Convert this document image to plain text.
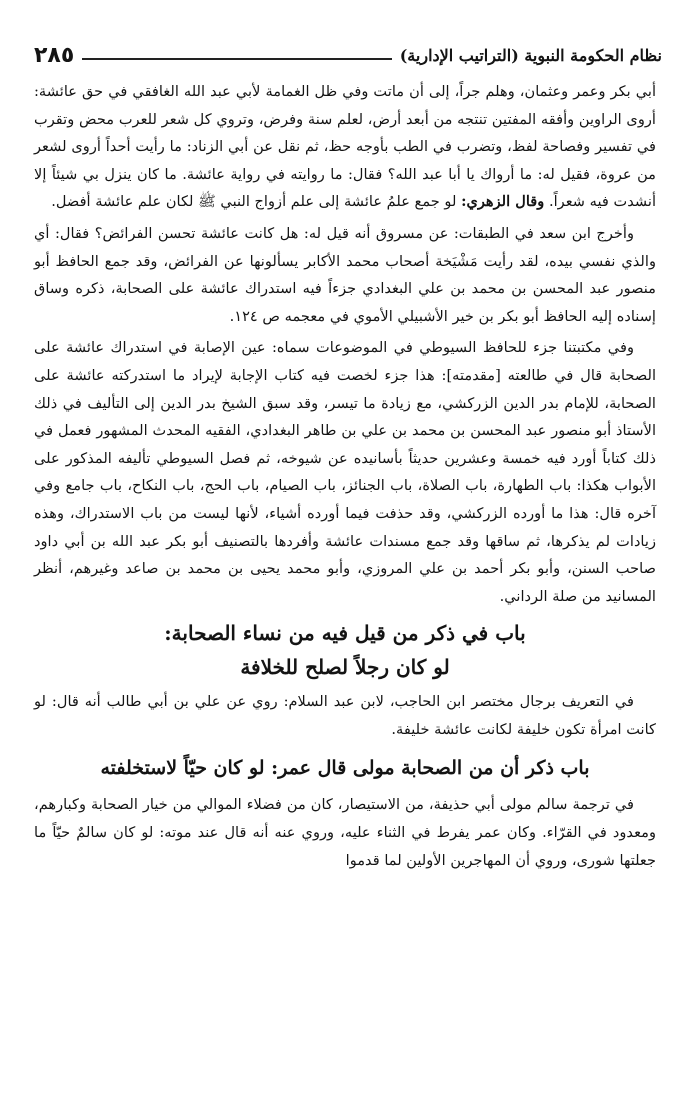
نظام الحكومة النبوية (التراتيب الإدارية)
٢٨٥

أبي بكر وعمر وعثمان، وهلم جراً، إلى أن ماتت وفي ظل الغمامة لأبي عبد الله الغافقي في حق عائشة: أروى الراوين وأفقه المفتين تنتجه من أبعد أرض، لعلم سنة وفرض، وتروي كل شعر للعرب محض وتقرب في تفسير وفصاحة لفظ، وتضرب في الطب بأوجه حظ، ثم نقل عن أبي الزناد: ما رأيت أحداً أروى لشعر من عروة، فقيل له: ما أرواك يا أبا عبد الله؟ فقال: ما روايته في رواية عائشة. ما كان ينزل بي شيئاً إلا أنشدت فيه شعراً. وقال الزهري: لو جمع علمُ عائشة إلى علم أزواج النبي ﷺ لكان علم عائشة أفضل.

وأخرج ابن سعد في الطبقات: عن مسروق أنه قيل له: هل كانت عائشة تحسن الفرائض؟ فقال: أي والذي نفسي بيده، لقد رأيت مَشْيَخة أصحاب محمد الأكابر يسألونها عن الفرائض، وقد جمع الحافظ أبو منصور عبد المحسن بن محمد بن علي البغدادي جزءاً فيه استدراك عائشة على الصحابة، ذكره وساق إسناده إليه الحافظ أبو بكر بن خير الأشبيلي الأموي في معجمه ص ١٢٤.

وفي مكتبتنا جزء للحافظ السيوطي في الموضوعات سماه: عين الإصابة في استدراك عائشة على الصحابة قال في طالعته [مقدمته]: هذا جزء لخصت فيه كتاب الإجابة لإيراد ما استدركته عائشة على الصحابة، للإمام بدر الدين الزركشي، مع زيادة ما تيسر، وقد سبق الشيخ بدر الدين إلى التأليف في ذلك الأستاذ أبو منصور عبد المحسن بن محمد بن علي بن طاهر البغدادي، الفقيه المحدث المشهور فعمل في ذلك كتاباً أورد فيه خمسة وعشرين حديثاً بأسانيده عن شيوخه، ثم فصل السيوطي تأليفه المذكور على الأبواب هكذا: باب الطهارة، باب الصلاة، باب الجنائز، باب الصيام، باب الحج، باب النكاح، باب جامع وفي آخره قال: هذا ما أورده الزركشي، وقد حذفت فيما أورده أشياء، لأنها ليست من باب الاستدراك، وهذه زيادات لم يذكرها، ثم ساقها وقد جمع مسندات عائشة وأفردها بالتصنيف أبو بكر عبد الله بن أبي داود صاحب السنن، وأبو بكر أحمد بن علي المروزي، وأبو محمد يحيى بن محمد بن صاعد وغيرهم، أنظر المسانيد من صلة الرداني.

باب في ذكر من قيل فيه من نساء الصحابة:
لو كان رجلاً لصلح للخلافة

في التعريف برجال مختصر ابن الحاجب، لابن عبد السلام: روي عن علي بن أبي طالب أنه قال: لو كانت امرأة تكون خليفة لكانت عائشة خليفة.

باب ذكر أن من الصحابة مولى قال عمر: لو كان حيّاً لاستخلفته

في ترجمة سالم مولى أبي حذيفة، من الاستيصار، كان من فضلاء الموالي من خيار الصحابة وكبارهم، ومعدود في القرّاء. وكان عمر يفرط في الثناء عليه، وروي عنه أنه قال عند موته: لو كان سالمٌ حيّاً ما جعلتها شورى، وروي أن المهاجرين الأولين لما قدموا
